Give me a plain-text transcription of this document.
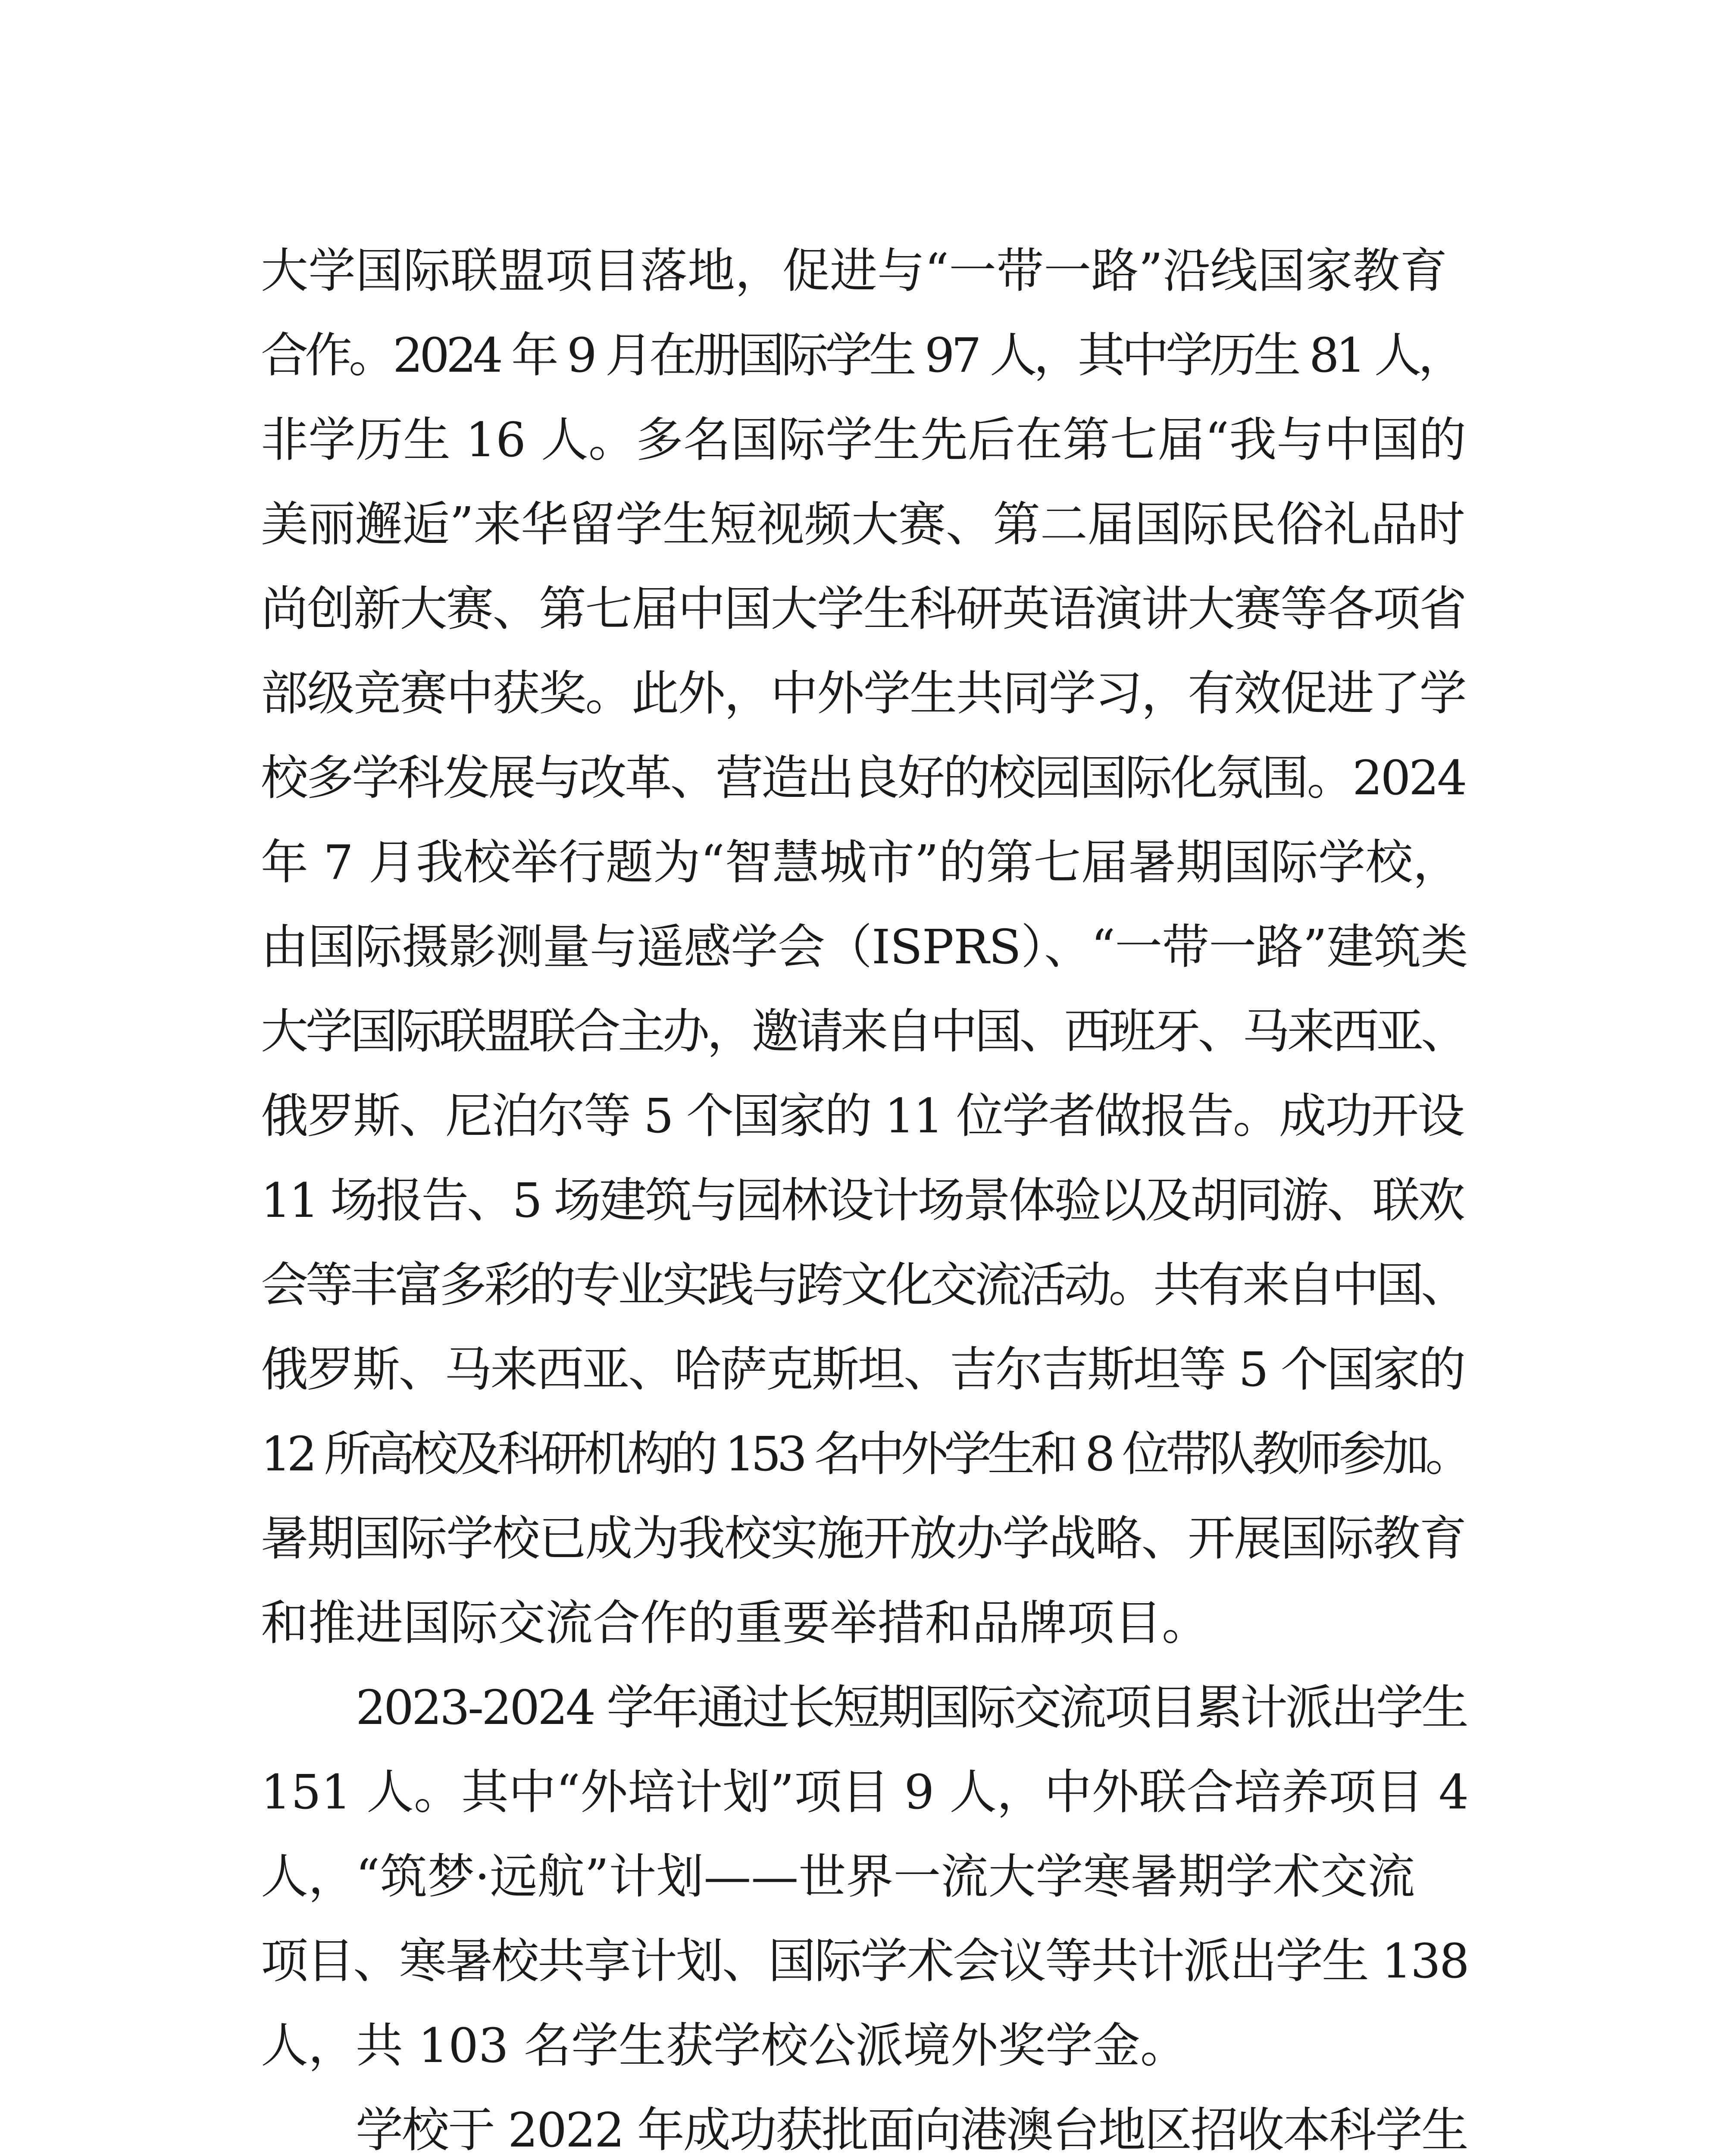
大学国际联盟项目落地，促进与“一带一路”沿线国家教育
合作。2024 年 9 月在册国际学生 97 人，其中学历生 81 人，
非学历生 16 人。多名国际学生先后在第七届“我与中国的
美丽邂逅”来华留学生短视频大赛、第二届国际民俗礼品时
尚创新大赛、第七届中国大学生科研英语演讲大赛等各项省
部级竞赛中获奖。此外，中外学生共同学习，有效促进了学
校多学科发展与改革、营造出良好的校园国际化氛围。2024
年 7 月我校举行题为“智慧城市”的第七届暑期国际学校，
由国际摄影测量与遥感学会（ISPRS）、“一带一路”建筑类
大学国际联盟联合主办，邀请来自中国、西班牙、马来西亚、
俄罗斯、尼泊尔等 5 个国家的 11 位学者做报告。成功开设
11 场报告、5 场建筑与园林设计场景体验以及胡同游、联欢
会等丰富多彩的专业实践与跨文化交流活动。共有来自中国、
俄罗斯、马来西亚、哈萨克斯坦、吉尔吉斯坦等 5 个国家的
12 所高校及科研机构的 153 名中外学生和 8 位带队教师参加。
暑期国际学校已成为我校实施开放办学战略、开展国际教育
和推进国际交流合作的重要举措和品牌项目。
2023-2024 学年通过长短期国际交流项目累计派出学生
151 人。其中“外培计划”项目 9 人，中外联合培养项目 4
人，“筑梦·远航”计划——世界一流大学寒暑期学术交流
项目、寒暑校共享计划、国际学术会议等共计派出学生 138
人，共 103 名学生获学校公派境外奖学金。
学校于 2022 年成功获批面向港澳台地区招收本科学生
